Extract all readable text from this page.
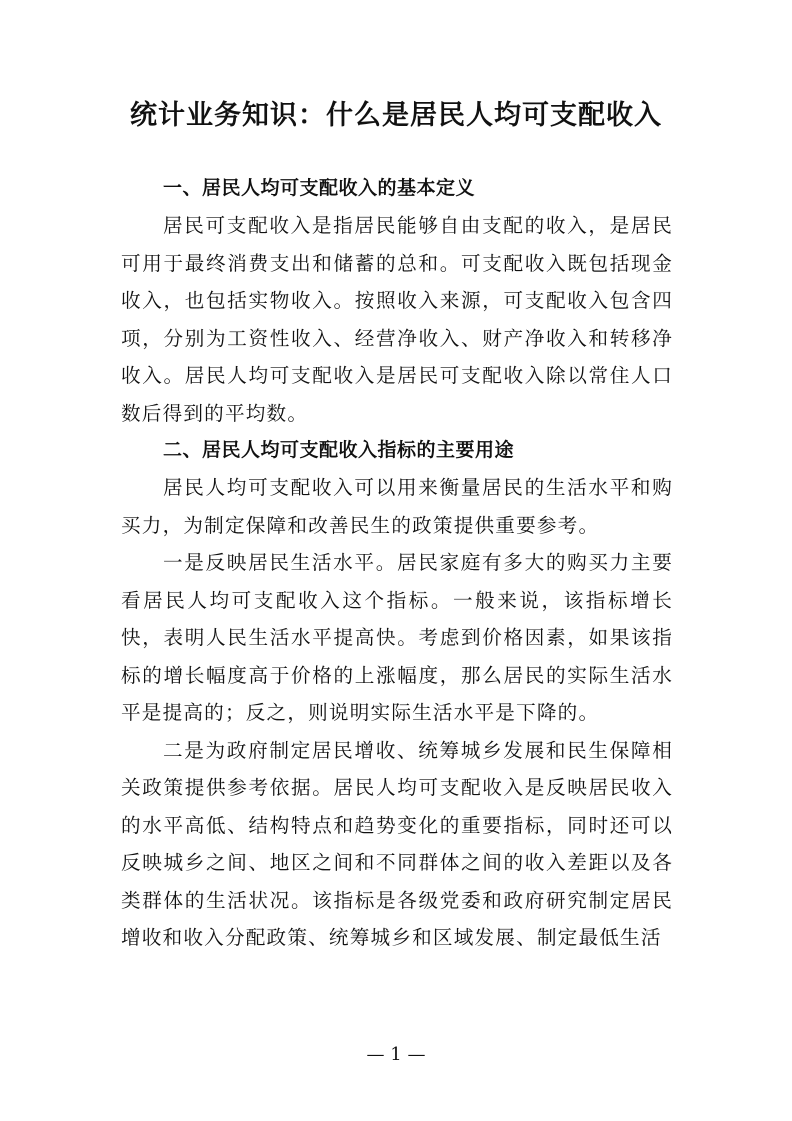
统计业务知识：什么是居民人均可支配收入
一、居民人均可支配收入的基本定义

居民可支配收入是指居民能够自由支配的收入，是居民可用于最终消费支出和储蓄的总和。可支配收入既包括现金收入，也包括实物收入。按照收入来源，可支配收入包含四项，分别为工资性收入、经营净收入、财产净收入和转移净收入。居民人均可支配收入是居民可支配收入除以常住人口数后得到的平均数。

二、居民人均可支配收入指标的主要用途

居民人均可支配收入可以用来衡量居民的生活水平和购买力，为制定保障和改善民生的政策提供重要参考。

一是反映居民生活水平。居民家庭有多大的购买力主要看居民人均可支配收入这个指标。一般来说，该指标增长快，表明人民生活水平提高快。考虑到价格因素，如果该指标的增长幅度高于价格的上涨幅度，那么居民的实际生活水平是提高的；反之，则说明实际生活水平是下降的。

二是为政府制定居民增收、统筹城乡发展和民生保障相关政策提供参考依据。居民人均可支配收入是反映居民收入的水平高低、结构特点和趋势变化的重要指标，同时还可以反映城乡之间、地区之间和不同群体之间的收入差距以及各类群体的生活状况。该指标是各级党委和政府研究制定居民增收和收入分配政策、统筹城乡和区域发展、制定最低生活

— 1 —
